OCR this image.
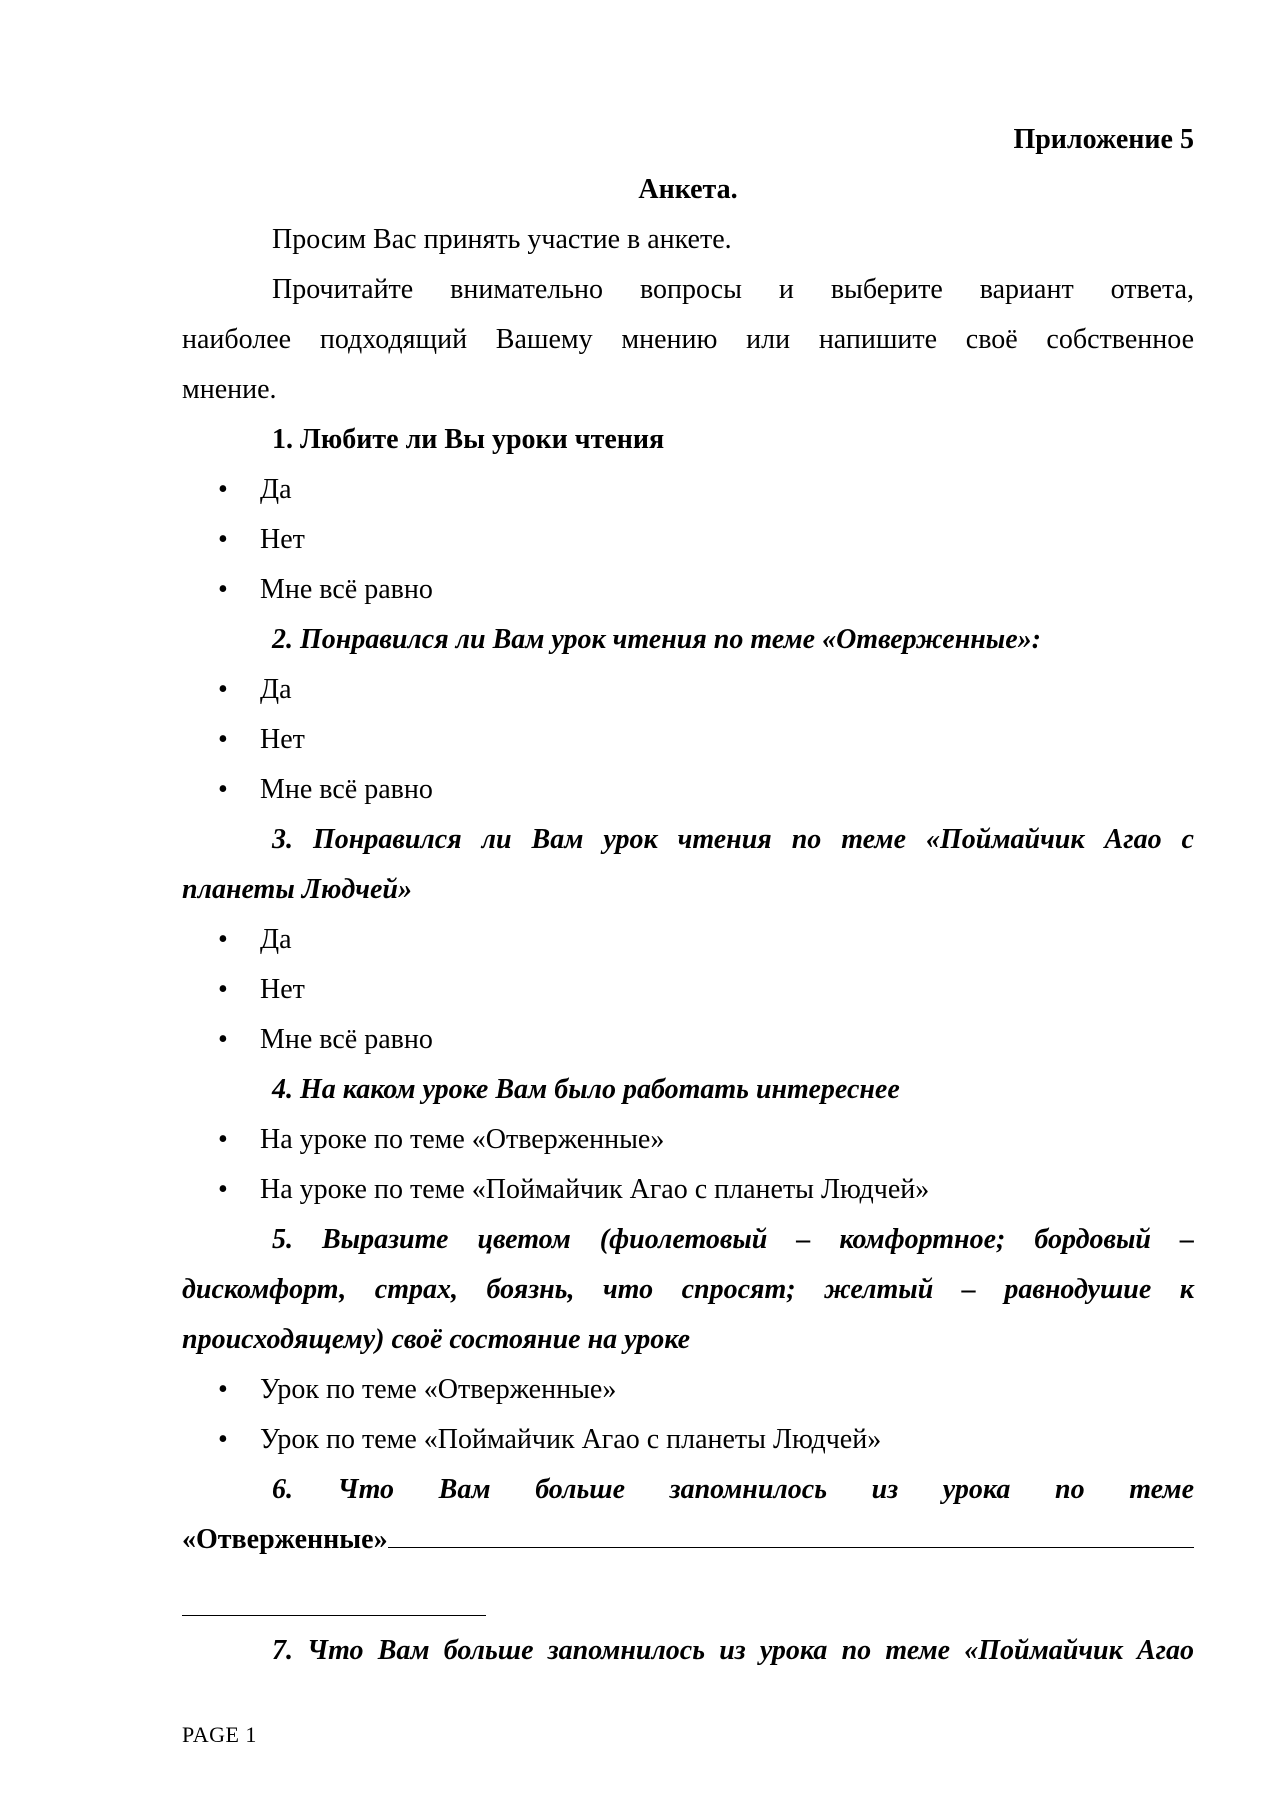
Приложение 5
Анкета.
Просим Вас принять участие в анкете.
Прочитайте внимательно вопросы и выберите вариант ответа,
наиболее подходящий Вашему мнению или напишите своё собственное
мнение.
1. Любите ли Вы уроки чтения
• Да
• Нет
• Мне всё равно
2. Понравился ли Вам урок чтения по теме «Отверженные»:
• Да
• Нет
• Мне всё равно
3. Понравился ли Вам урок чтения по теме «Поймайчик Агао с
планеты Людчей»
• Да
• Нет
• Мне всё равно
4. На каком уроке Вам было работать интереснее
• На уроке по теме «Отверженные»
• На уроке по теме «Поймайчик Агао с планеты Людчей»
5. Выразите цветом (фиолетовый – комфортное; бордовый –
дискомфорт, страх, боязнь, что спросят; желтый – равнодушие к
происходящему) своё состояние на уроке
• Урок по теме «Отверженные»
• Урок по теме «Поймайчик Агао с планеты Людчей»
6. Что Вам больше запомнилось из урока по теме
«Отверженные»
7. Что Вам больше запомнилось из урока по теме «Поймайчик Агао
PAGE 1
